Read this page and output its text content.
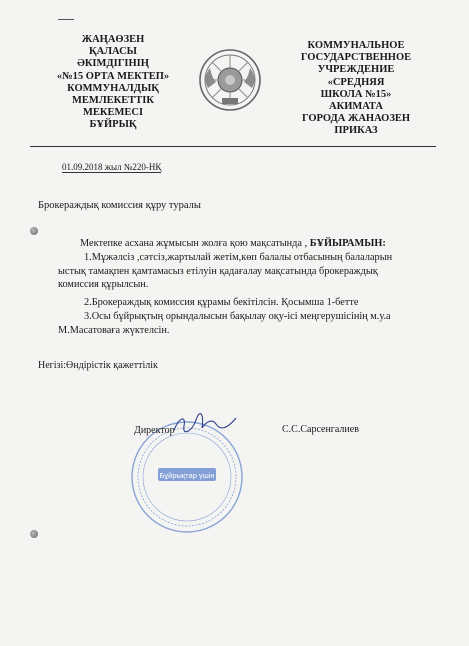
ЖАҢАӨЗЕН
ҚАЛАСЫ
ӘКІМДІГІНІҢ
«№15 ОРТА МЕКТЕП»
КОММУНАЛДЫҚ
МЕМЛЕКЕТТІК
МЕКЕМЕСІ
БҰЙРЫҚ
КОММУНАЛЬНОЕ
ГОСУДАРСТВЕННОЕ
УЧРЕЖДЕНИЕ
«СРЕДНЯЯ
ШКОЛА №15»
АКИМАТА
ГОРОДА ЖАНАОЗЕН
ПРИКАЗ
01.09.2018 жыл №220-НҚ
Брокераждық комиссия құру туралы

Мектепке асхана жұмысын жолға қою мақсатында , БҰЙЫРАМЫН:

1.Мұжәлсіз ,сәтсіз,жартылай жетім,көп балалы отбасының балаларын ыстық тамақпен қамтамасыз етілуін қадағалау мақсатында брокераждық комиссия құрылсын.

2.Брокераждық комиссия құрамы бекітілсін. Қосымша 1-бетте

3.Осы бұйрықтың орындалысын бақылау оқу-ісі меңгерушісінің м.у.а М.Масатоваға жүктелсін.

Негізі:Өндірістік қажеттілік
Бұйрықтар үшін
Директор	С.С.Сарсенгалиев
